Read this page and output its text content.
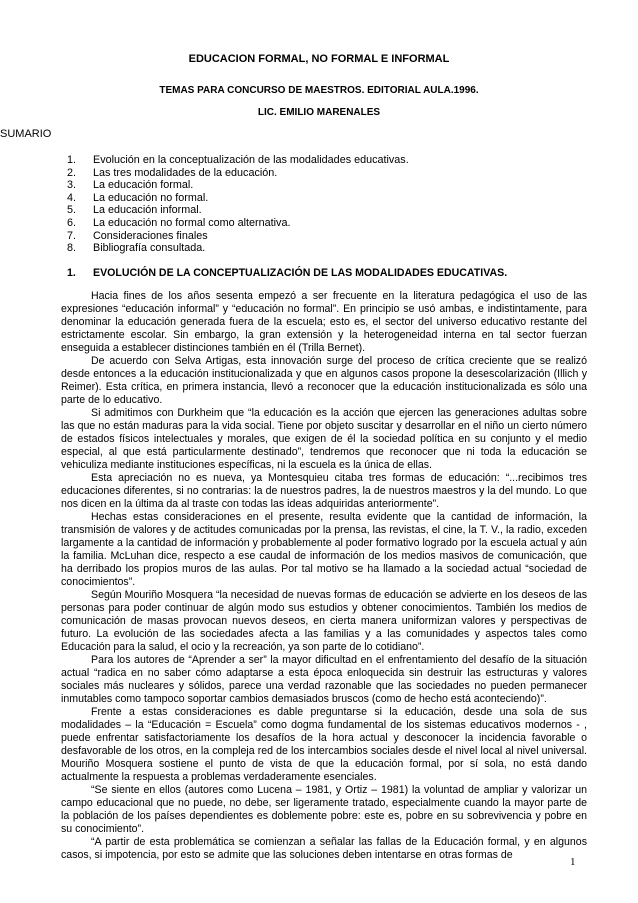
EDUCACION FORMAL, NO FORMAL E INFORMAL
TEMAS PARA CONCURSO DE MAESTROS. EDITORIAL AULA.1996.
LIC. EMILIO MARENALES
SUMARIO
1.	Evolución en la conceptualización de las modalidades educativas.
2.	Las tres modalidades de la educación.
3.	La educación formal.
4.	La educación no formal.
5.	La educación informal.
6.	La educación no formal como alternativa.
7.	Consideraciones finales
8.	Bibliografía consultada.
1.	EVOLUCIÓN DE LA CONCEPTUALIZACIÓN DE LAS MODALIDADES EDUCATIVAS.

Hacia fines de los años sesenta empezó a ser frecuente en la literatura pedagógica el uso de las expresiones “educación informal” y “educación no formal”. En principio se usó ambas, e indistintamente, para denominar la educación generada fuera de la escuela; esto es, el sector del universo educativo restante del estrictamente escolar. Sin embargo, la gran extensión y la heterogeneidad interna en tal sector fuerzan enseguida a establecer distinciones también en él (Trilla Bernet).

De acuerdo con Selva Artigas, esta innovación surge del proceso de crítica creciente que se realizó desde entonces a la educación institucionalizada y que en algunos casos propone la desescolarización (Illich y Reimer). Esta crítica, en primera instancia, llevó a reconocer que la educación institucionalizada es sólo una parte de lo educativo.

Si admitimos con Durkheim que “la educación es la acción que ejercen las generaciones adultas sobre las que no están maduras para la vida social. Tiene por objeto suscitar y desarrollar en el niño un cierto número de estados físicos intelectuales y morales, que exigen de él la sociedad política en su conjunto y el medio especial, al que está particularmente destinado”, tendremos que reconocer que ni toda la educación se vehiculiza mediante instituciones específicas, ni la escuela es la única de ellas.

Esta apreciación no es nueva, ya Montesquieu citaba tres formas de educación: “...recibimos tres educaciones diferentes, si no contrarias: la de nuestros padres, la de nuestros maestros y la del mundo. Lo que nos dicen en la última da al traste con todas las ideas adquiridas anteriormente”.

Hechas estas consideraciones en el presente, resulta evidente que la cantidad de información, la transmisión de valores y de actitudes comunicadas por la prensa, las revistas, el cine, la T. V., la radio, exceden largamente a la cantidad de información y probablemente al poder formativo logrado por la escuela actual y aún la familia. McLuhan dice, respecto a ese caudal de información de los medios masivos de comunicación, que ha derribado los propios muros de las aulas. Por tal motivo se ha llamado a la sociedad actual “sociedad de conocimientos”.

Según Mouriño Mosquera “la necesidad de nuevas formas de educación se advierte en los deseos de las personas para poder continuar de algún modo sus estudios y obtener conocimientos. También los medios de comunicación de masas provocan nuevos deseos, en cierta manera uniformizan valores y perspectivas de futuro. La evolución de las sociedades afecta a las familias y a las comunidades y aspectos tales como Educación para la salud, el ocio y la recreación, ya son parte de lo cotidiano”.

Para los autores de “Aprender a ser” la mayor dificultad en el enfrentamiento del desafío de la situación actual “radica en no saber cómo adaptarse a esta época enloquecida sin destruir las estructuras y valores sociales más nucleares y sólidos, parece una verdad razonable que las sociedades no pueden permanecer inmutables como tampoco soportar cambios demasiados bruscos (como de hecho está aconteciendo)”.

Frente a estas consideraciones es dable preguntarse si la educación, desde una sola de sus modalidades – la “Educación = Escuela” como dogma fundamental de los sistemas educativos modernos - , puede enfrentar satisfactoriamente los desafíos de la hora actual y desconocer la incidencia favorable o desfavorable de los otros, en la compleja red de los intercambios sociales desde el nivel local al nivel universal. Mouriño Mosquera sostiene el punto de vista de que la educación formal, por sí sola, no está dando actualmente la respuesta a problemas verdaderamente esenciales.

“Se siente en ellos (autores como Lucena – 1981, y Ortiz – 1981) la voluntad de ampliar y valorizar un campo educacional que no puede, no debe, ser ligeramente tratado, especialmente cuando la mayor parte de la población de los países dependientes es doblemente pobre: este es, pobre en su sobrevivencia y pobre en su conocimiento”.

“A partir de esta problemática se comienzan a señalar las fallas de la Educación formal, y en algunos casos, si impotencia, por esto se admite que las soluciones deben intentarse en otras formas de

1
